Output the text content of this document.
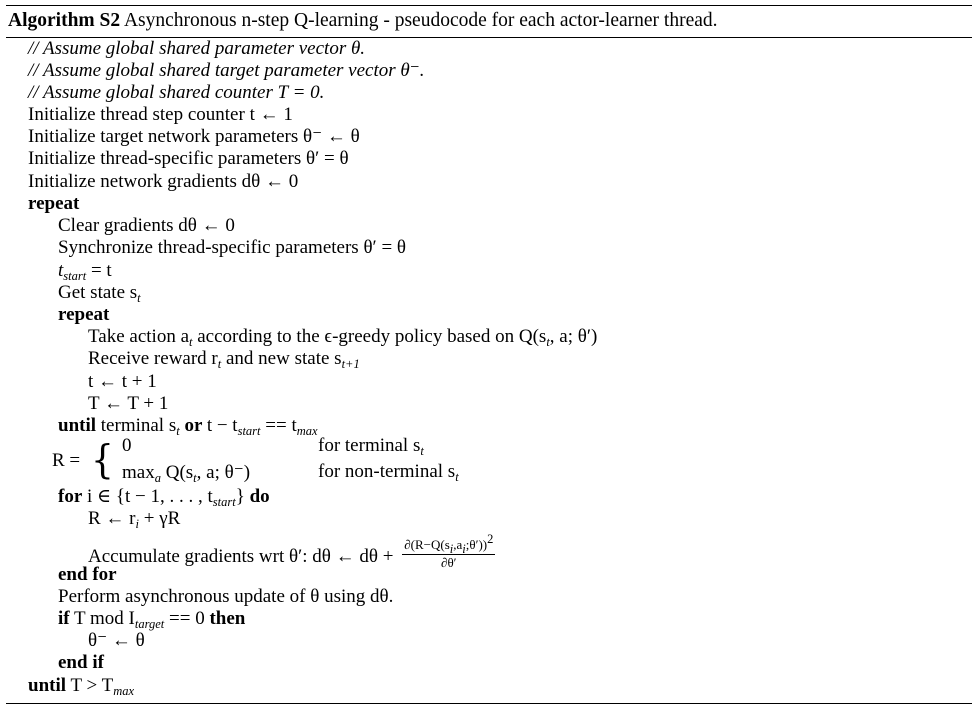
Algorithm S2 Asynchronous n-step Q-learning - pseudocode for each actor-learner thread.
// Assume global shared parameter vector θ.
// Assume global shared target parameter vector θ⁻.
// Assume global shared counter T = 0.
Initialize thread step counter t ← 1
Initialize target network parameters θ⁻ ← θ
Initialize thread-specific parameters θ′ = θ
Initialize network gradients dθ ← 0
repeat
Clear gradients dθ ← 0
Synchronize thread-specific parameters θ′ = θ
$t_{start} = t$
Get state $s_t$
repeat
Take action $a_t$ according to the ϵ-greedy policy based on $Q(s_t$, a; θ′)
Receive reward $r_t$ and new state $s_{t+1}$
t ← t + 1
T ← T + 1
until terminal $s_t$ or $t - t_{start} == t_{max}$
R = { 0
$\max_a Q(s_t$, a; θ⁻)
for terminal $s_t$
for non-terminal $s_t$
for i ∈ {t − 1, . . . , $t_{start}$} do
R ← $r_i + \gamma R$
Accumulate gradients wrt θ′: dθ ← $d\theta + \frac{\partial(R-Q(s_i,a_i;\theta'))^2}{\partial\theta'}$
end for
Perform asynchronous update of θ using dθ.
if T mod $I_{target} == 0$ then
θ⁻ ← θ
end if
until $T > T_{max}$
